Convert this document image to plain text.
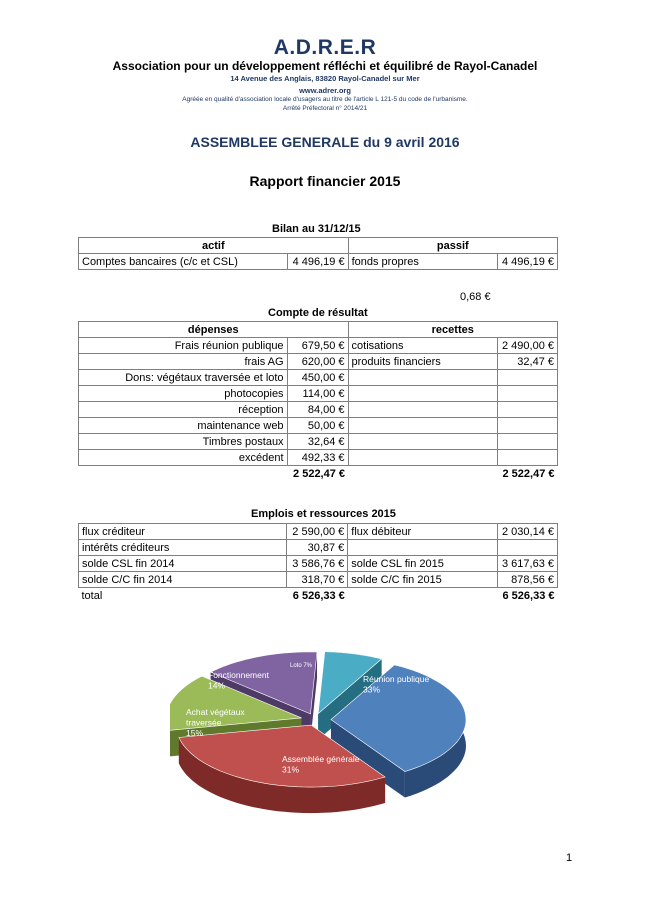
A.D.R.E.R
Association pour un développement réfléchi et équilibré de Rayol-Canadel
14 Avenue des Anglais, 83820 Rayol-Canadel sur Mer
www.adrer.org
Agréée en qualité d'association locale d'usagers au titre de l'article L 121-5 du code de l'urbanisme.
Arrêté Préfectoral n° 2014/21
ASSEMBLEE GENERALE du 9 avril 2016
Rapport financier 2015
Bilan au 31/12/15
actif		passif	
Comptes bancaires (c/c et CSL)	4 496,19 €	fonds propres	4 496,19 €
0,68 €
Compte de résultat
dépenses		recettes	
Frais réunion publique	679,50 €	cotisations	2 490,00 €
frais AG	620,00 €	produits financiers	32,47 €
Dons: végétaux traversée et loto	450,00 €		
photocopies	114,00 €		
réception	84,00 €		
maintenance web	50,00 €		
Timbres postaux	32,64 €		
excédent	492,33 €		
	2 522,47 €		2 522,47 €
Emplois et ressources 2015
flux créditeur	2 590,00 €	flux débiteur	2 030,14 €
intérêts créditeurs	30,87 €		
solde CSL fin 2014	3 586,76 €	solde CSL fin 2015	3 617,63 €
solde C/C fin 2014	318,70 €	solde C/C fin 2015	878,56 €
total	6 526,33 €		6 526,33 €
Réunion publique
33%
Assemblée générale
31%
Achat végétaux
traversée
15%
Fonctionnement
14%
Loto 7%
1
